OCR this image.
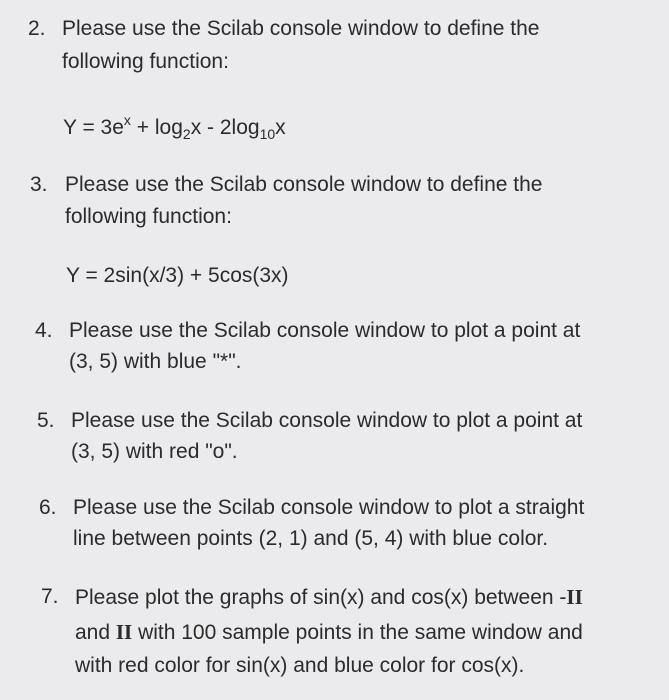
2. Please use the Scilab console window to define the
following function:
$Y = 3e^x + \log_2x - 2\log_{10}x$
3. Please use the Scilab console window to define the
following function:
Y = 2sin(x/3) + 5cos(3x)
4. Please use the Scilab console window to plot a point at
(3, 5) with blue "*".
5. Please use the Scilab console window to plot a point at
(3, 5) with red "o".
6. Please use the Scilab console window to plot a straight
line between points (2, 1) and (5, 4) with blue color.
7. Please plot the graphs of sin(x) and cos(x) between -II
and II with 100 sample points in the same window and
with red color for sin(x) and blue color for cos(x).
